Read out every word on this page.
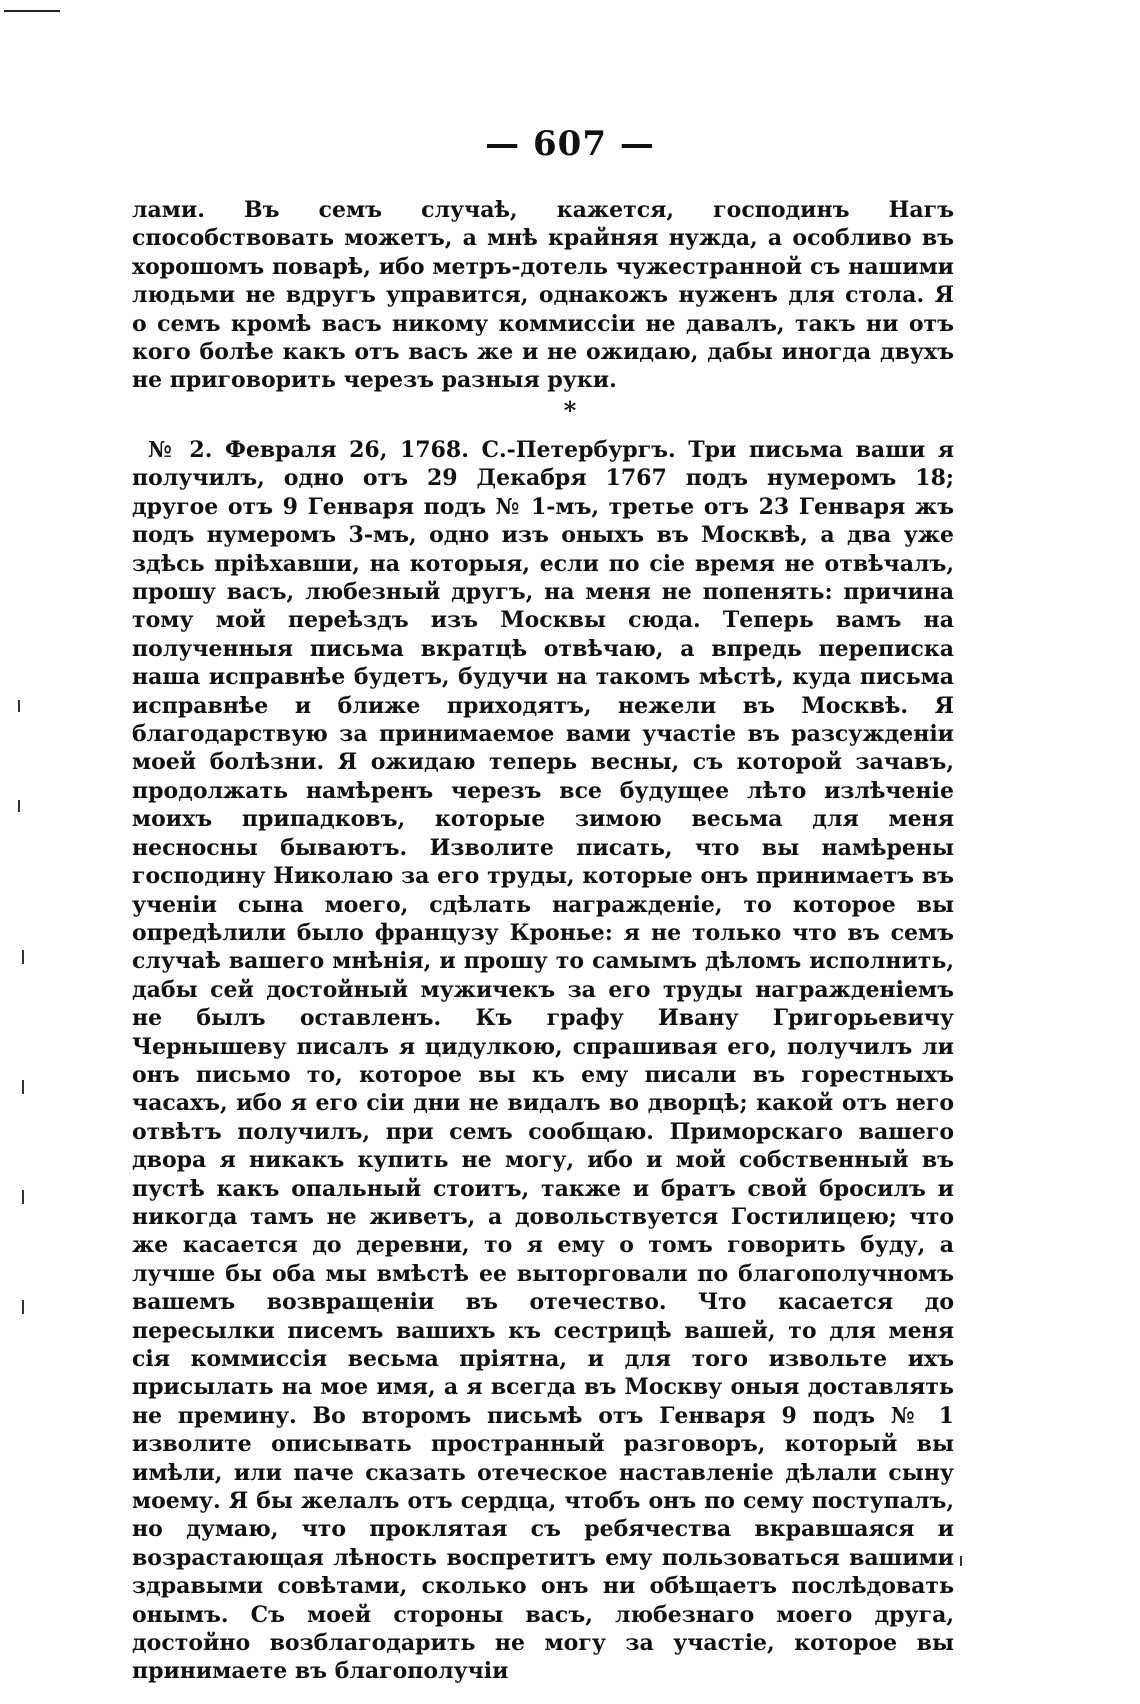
— 607 —

лами. Въ семъ случаѣ, кажется, господинъ Нагъ способствовать можетъ, а мнѣ крайняя нужда, а особливо въ хорошомъ поварѣ, ибо метръ-дотель чужестранной съ нашими людьми не вдругъ управится, однакожъ нуженъ для стола. Я о семъ кромѣ васъ никому коммиссіи не давалъ, такъ ни отъ кого болѣе какъ отъ васъ же и не ожидаю, дабы иногда двухъ не приговорить черезъ разныя руки.

*

№ 2. Февраля 26, 1768. С.-Петербургъ. Три письма ваши я получилъ, одно отъ 29 Декабря 1767 подъ нумеромъ 18; другое отъ 9 Генваря подъ № 1-мъ, третье отъ 23 Генваря жъ подъ нумеромъ 3-мъ, одно изъ оныхъ въ Москвѣ, а два уже здѣсь пріѣхавши, на которыя, если по сіе время не отвѣчалъ, прошу васъ, любезный другъ, на меня не попенять: причина тому мой переѣздъ изъ Москвы сюда. Теперь вамъ на полученныя письма вкратцѣ отвѣчаю, а впредь переписка наша исправнѣе будетъ, будучи на такомъ мѣстѣ, куда письма исправнѣе и ближе приходятъ, нежели въ Москвѣ. Я благодарствую за принимаемое вами участіе въ разсужденіи моей болѣзни. Я ожидаю теперь весны, съ которой зачавъ, продолжать намѣренъ черезъ все будущее лѣто излѣченіе моихъ припадковъ, которые зимою весьма для меня несносны бываютъ. Изволите писать, что вы намѣрены господину Николаю за его труды, которые онъ принимаетъ въ ученіи сына моего, сдѣлать награжденіе, то которое вы опредѣлили было французу Кронье: я не только что въ семъ случаѣ вашего мнѣнія, и прошу то самымъ дѣломъ исполнить, дабы сей достойный мужичекъ за его труды награжденіемъ не былъ оставленъ. Къ графу Ивану Григорьевичу Чернышеву писалъ я цидулкою, спрашивая его, получилъ ли онъ письмо то, которое вы къ ему писали въ горестныхъ часахъ, ибо я его сіи дни не видалъ во дворцѣ; какой отъ него отвѣтъ получилъ, при семъ сообщаю. Приморскаго вашего двора я никакъ купить не могу, ибо и мой собственный въ пустѣ какъ опальный стоитъ, также и братъ свой бросилъ и никогда тамъ не живетъ, а довольствуется Гостилицею; что же касается до деревни, то я ему о томъ говорить буду, а лучше бы оба мы вмѣстѣ ее выторговали по благополучномъ вашемъ возвращеніи въ отечество. Что касается до пересылки писемъ вашихъ къ сестрицѣ вашей, то для меня сія коммиссія весьма пріятна, и для того извольте ихъ присылать на мое имя, а я всегда въ Москву оныя доставлять не премину. Во второмъ письмѣ отъ Генваря 9 подъ № 1 изволите описывать пространный разговоръ, который вы имѣли, или паче сказать отеческое наставленіе дѣлали сыну моему. Я бы желалъ отъ сердца, чтобъ онъ по сему поступалъ, но думаю, что проклятая съ ребячества вкравшаяся и возрастающая лѣность воспретитъ ему пользоваться вашими здравыми совѣтами, сколько онъ ни обѣщаетъ послѣдовать онымъ. Съ моей стороны васъ, любезнаго моего друга, достойно возблагодарить не могу за участіе, которое вы принимаете въ благополучіи
